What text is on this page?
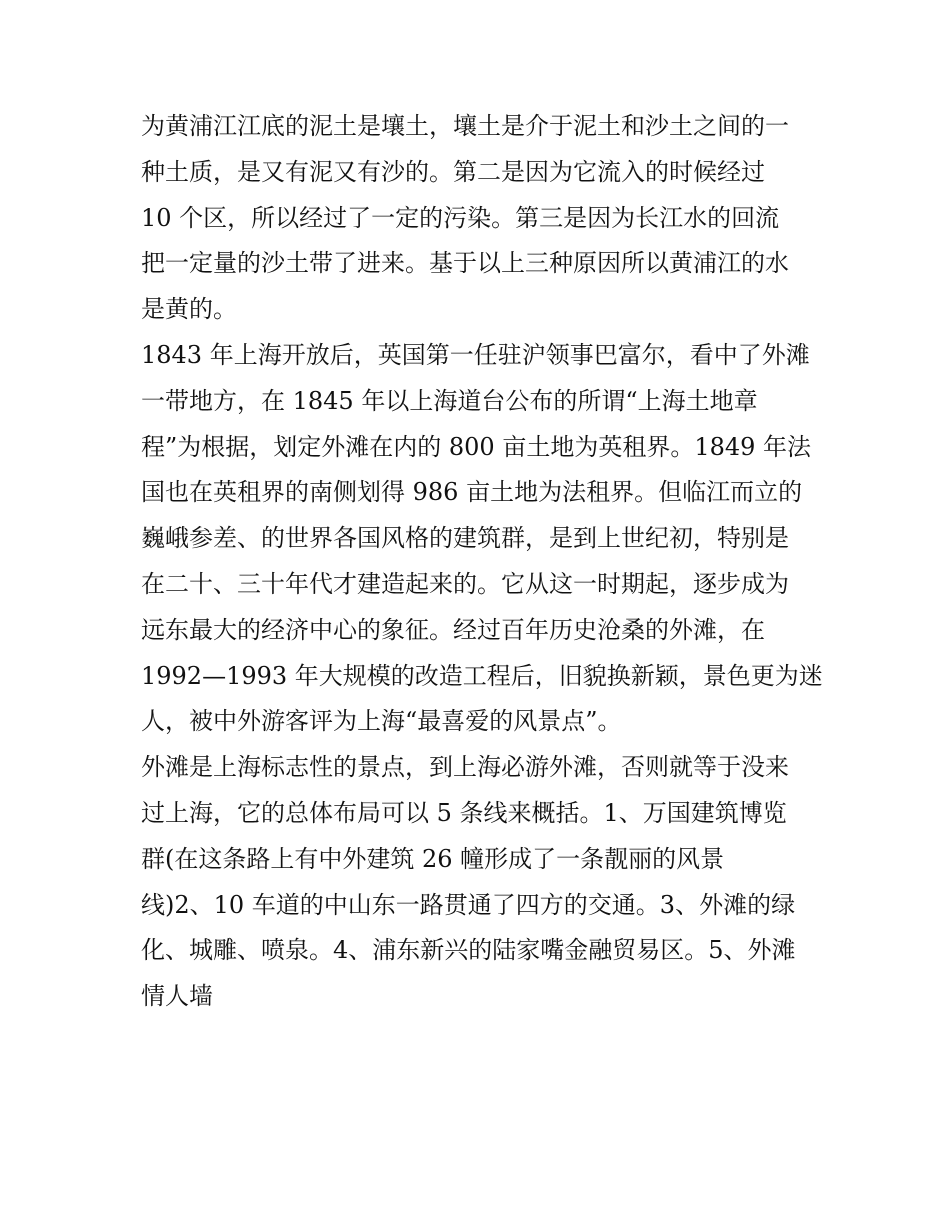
为黄浦江江底的泥土是壤土，壤土是介于泥土和沙土之间的一
种土质，是又有泥又有沙的。第二是因为它流入的时候经过
10 个区，所以经过了一定的污染。第三是因为长江水的回流
把一定量的沙土带了进来。基于以上三种原因所以黄浦江的水
是黄的。
1843 年上海开放后，英国第一任驻沪领事巴富尔，看中了外滩
一带地方，在 1845 年以上海道台公布的所谓“上海土地章
程”为根据，划定外滩在内的 800 亩土地为英租界。1849 年法
国也在英租界的南侧划得 986 亩土地为法租界。但临江而立的
巍峨参差、的世界各国风格的建筑群，是到上世纪初，特别是
在二十、三十年代才建造起来的。它从这一时期起，逐步成为
远东最大的经济中心的象征。经过百年历史沧桑的外滩，在
1992—1993 年大规模的改造工程后，旧貌换新颖，景色更为迷
人，被中外游客评为上海“最喜爱的风景点”。
外滩是上海标志性的景点，到上海必游外滩，否则就等于没来
过上海，它的总体布局可以 5 条线来概括。1、万国建筑博览
群(在这条路上有中外建筑 26 幢形成了一条靓丽的风景
线)2、10 车道的中山东一路贯通了四方的交通。3、外滩的绿
化、城雕、喷泉。4、浦东新兴的陆家嘴金融贸易区。5、外滩
情人墙
